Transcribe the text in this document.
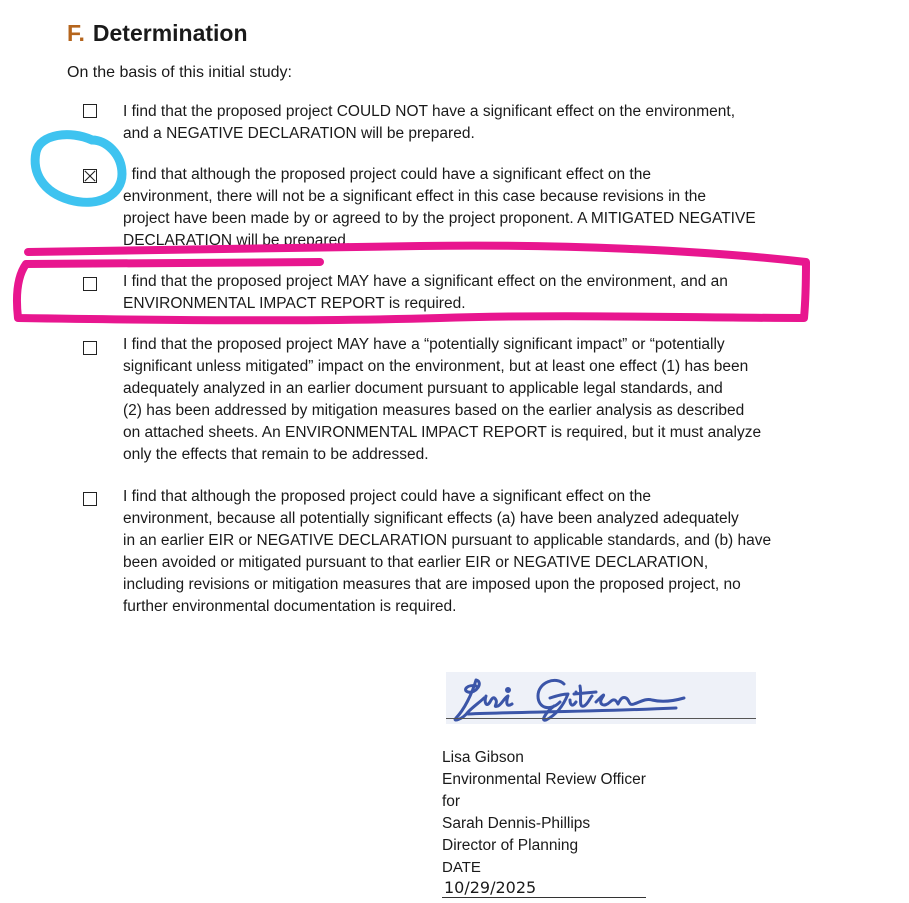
F. Determination
On the basis of this initial study:
I find that the proposed project COULD NOT have a significant effect on the environment,
and a NEGATIVE DECLARATION will be prepared.
I find that although the proposed project could have a significant effect on the
environment, there will not be a significant effect in this case because revisions in the
project have been made by or agreed to by the project proponent. A MITIGATED NEGATIVE
DECLARATION will be prepared.
I find that the proposed project MAY have a significant effect on the environment, and an
ENVIRONMENTAL IMPACT REPORT is required.
I find that the proposed project MAY have a “potentially significant impact” or “potentially
significant unless mitigated” impact on the environment, but at least one effect (1) has been
adequately analyzed in an earlier document pursuant to applicable legal standards, and
(2) has been addressed by mitigation measures based on the earlier analysis as described
on attached sheets. An ENVIRONMENTAL IMPACT REPORT is required, but it must analyze
only the effects that remain to be addressed.
I find that although the proposed project could have a significant effect on the
environment, because all potentially significant effects (a) have been analyzed adequately
in an earlier EIR or NEGATIVE DECLARATION pursuant to applicable standards, and (b) have
been avoided or mitigated pursuant to that earlier EIR or NEGATIVE DECLARATION,
including revisions or mitigation measures that are imposed upon the proposed project, no
further environmental documentation is required.
Lisa Gibson
Environmental Review Officer
for
Sarah Dennis-Phillips
Director of Planning
DATE
10/29/2025
